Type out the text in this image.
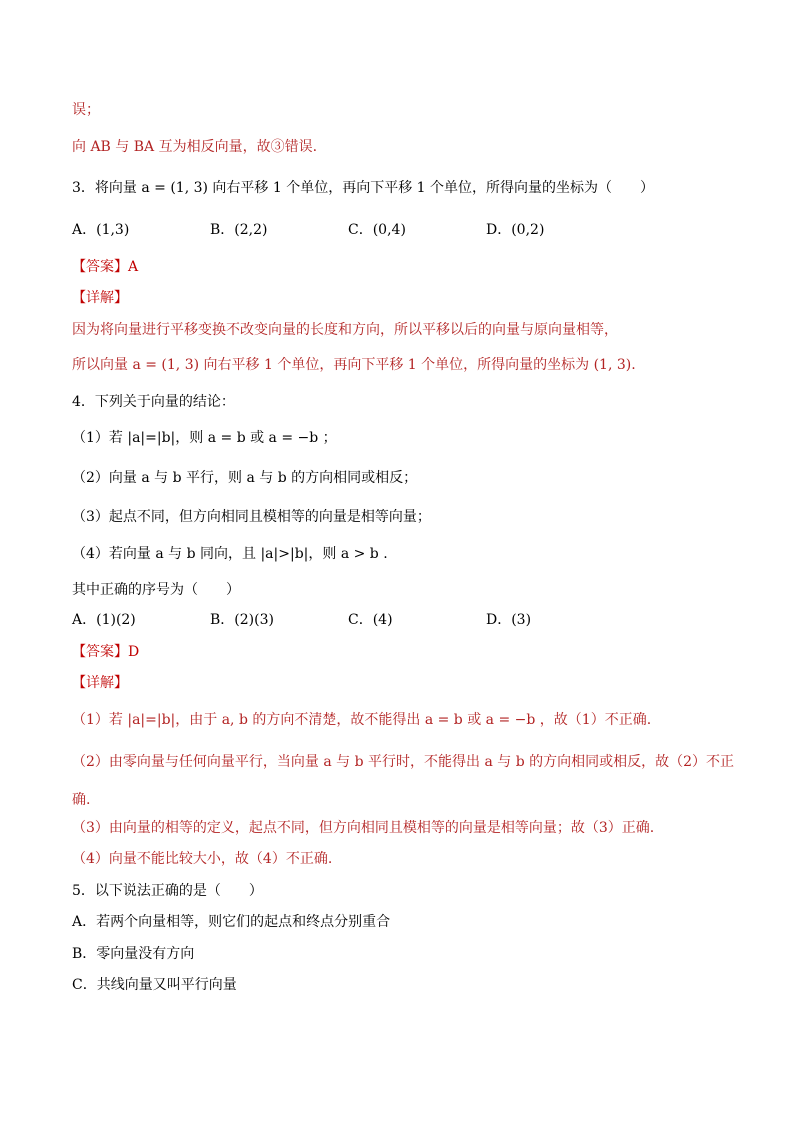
误；
向 AB 与 BA 互为相反向量，故③错误.
3．将向量 a = (1, 3) 向右平移 1 个单位，再向下平移 1 个单位，所得向量的坐标为（　　）
A．(1,3)	B．(2,2)	C．(0,4)	D．(0,2)
【答案】A
【详解】
因为将向量进行平移变换不改变向量的长度和方向，所以平移以后的向量与原向量相等，
所以向量 a = (1, 3) 向右平移 1 个单位，再向下平移 1 个单位，所得向量的坐标为 (1, 3).
4．下列关于向量的结论：
（1）若 |a|=|b|，则 a = b 或 a = −b ；
（2）向量 a 与 b 平行，则 a 与 b 的方向相同或相反；
（3）起点不同，但方向相同且模相等的向量是相等向量；
（4）若向量 a 与 b 同向，且 |a|>|b|，则 a > b .
其中正确的序号为（　　）
A．(1)(2)	B．(2)(3)	C．(4)	D．(3)
【答案】D
【详解】
（1）若 |a|=|b|，由于 a, b 的方向不清楚，故不能得出 a = b 或 a = −b ，故（1）不正确.
（2）由零向量与任何向量平行，当向量 a 与 b 平行时，不能得出 a 与 b 的方向相同或相反，故（2）不正
确.
（3）由向量的相等的定义，起点不同，但方向相同且模相等的向量是相等向量；故（3）正确.
（4）向量不能比较大小，故（4）不正确.
5．以下说法正确的是（　　）
A．若两个向量相等，则它们的起点和终点分别重合
B．零向量没有方向
C．共线向量又叫平行向量
